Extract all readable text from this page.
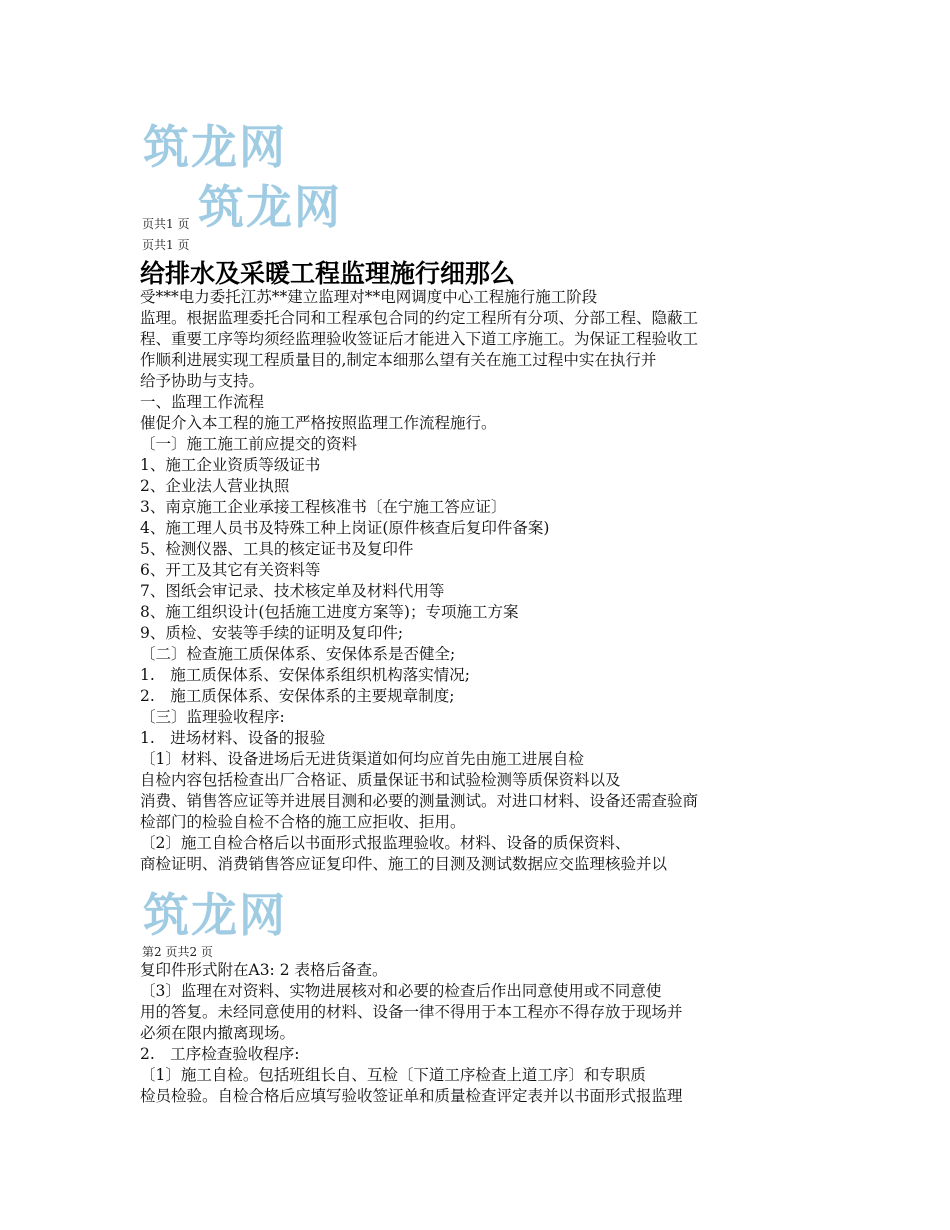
筑龙网
筑龙网
页共1 页
页共1 页
给排水及采暖工程监理施行细那么
受***电力委托江苏**建立监理对**电网调度中心工程施行施工阶段
监理。根据监理委托合同和工程承包合同的约定工程所有分项、分部工程、隐蔽工
程、重要工序等均须经监理验收签证后才能进入下道工序施工。为保证工程验收工
作顺利进展实现工程质量目的,制定本细那么望有关在施工过程中实在执行并
给予协助与支持。
一、监理工作流程
催促介入本工程的施工严格按照监理工作流程施行。
〔一〕施工施工前应提交的资料
1、施工企业资质等级证书
2、企业法人营业执照
3、南京施工企业承接工程核准书〔在宁施工答应证〕
4、施工理人员书及特殊工种上岗证(原件核查后复印件备案)
5、检测仪器、工具的核定证书及复印件
6、开工及其它有关资料等
7、图纸会审记录、技术核定单及材料代用等
8、施工组织设计(包括施工进度方案等)；专项施工方案
9、质检、安装等手续的证明及复印件;
〔二〕检查施工质保体系、安保体系是否健全;
1.　施工质保体系、安保体系组织机构落实情况;
2.　施工质保体系、安保体系的主要规章制度;
〔三〕监理验收程序:
1.　进场材料、设备的报验
〔1〕材料、设备进场后无进货渠道如何均应首先由施工进展自检
自检内容包括检查出厂合格证、质量保证书和试验检测等质保资料以及
消费、销售答应证等并进展目测和必要的测量测试。对进口材料、设备还需查验商
检部门的检验自检不合格的施工应拒收、拒用。
〔2〕施工自检合格后以书面形式报监理验收。材料、设备的质保资料、
商检证明、消费销售答应证复印件、施工的目测及测试数据应交监理核验并以
筑龙网
第2 页共2 页
复印件形式附在A3: 2 表格后备查。
〔3〕监理在对资料、实物进展核对和必要的检查后作出同意使用或不同意使
用的答复。未经同意使用的材料、设备一律不得用于本工程亦不得存放于现场并
必须在限内撤离现场。
2.　工序检查验收程序:
〔1〕施工自检。包括班组长自、互检〔下道工序检查上道工序〕和专职质
检员检验。自检合格后应填写验收签证单和质量检查评定表并以书面形式报监理
